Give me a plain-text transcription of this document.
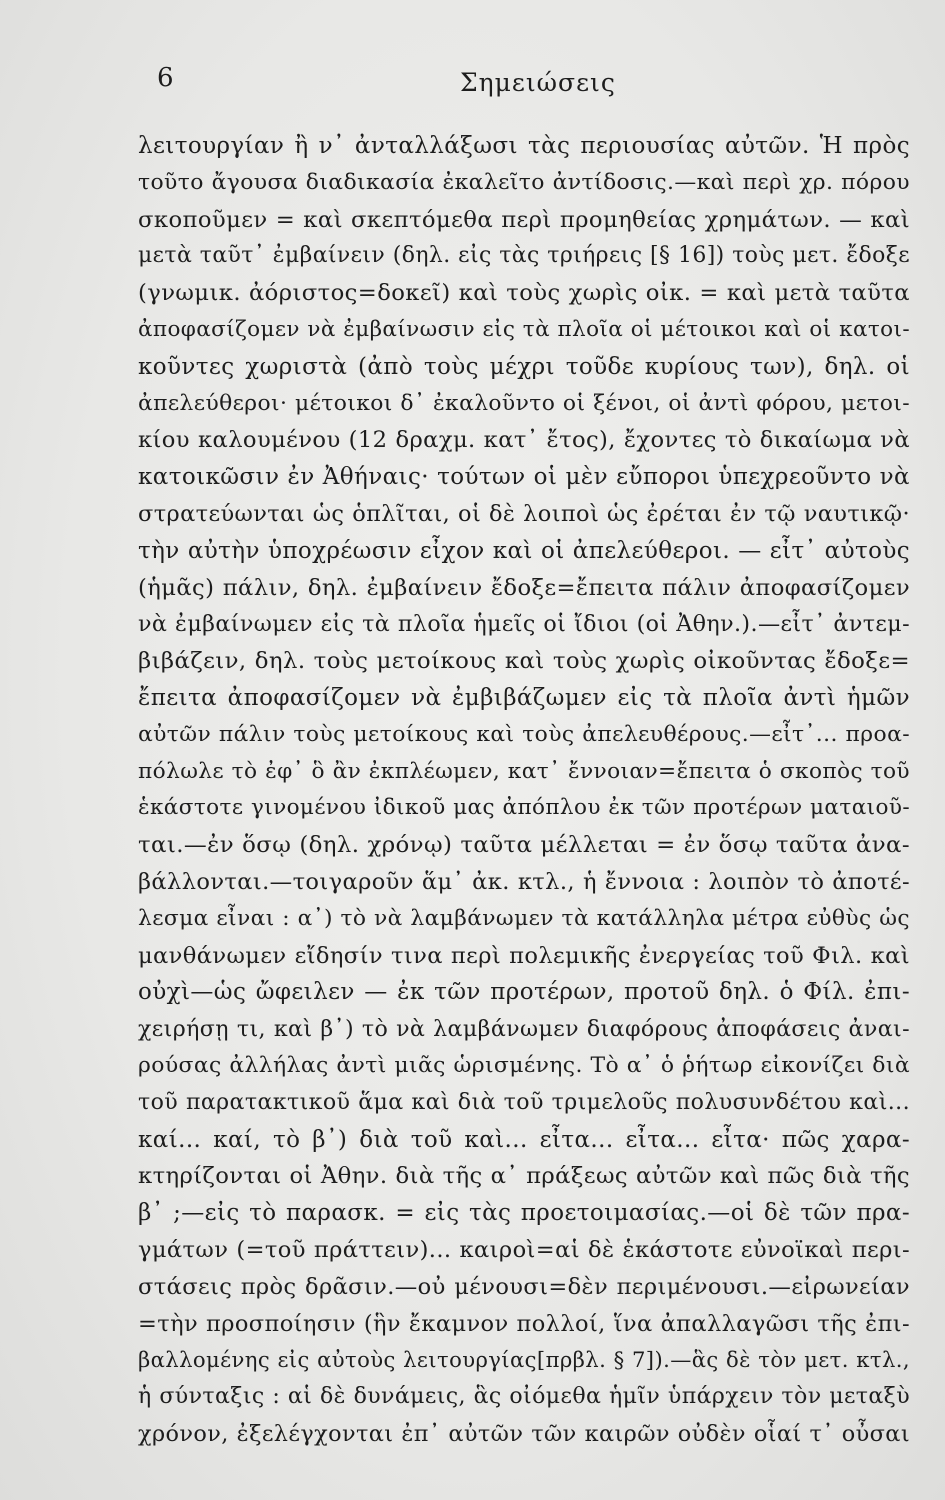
6	Σημειώσεις
λειτουργίαν ἢ ν᾽ ἀνταλλάξωσι τὰς περιουσίας αὐτῶν. Ἡ πρὸς
τοῦτο ἄγουσα διαδικασία ἐκαλεῖτο ἀντίδοσις.—καὶ περὶ χρ. πόρου
σκοποῦμεν = καὶ σκεπτόμεθα περὶ προμηθείας χρημάτων. — καὶ
μετὰ ταῦτ᾽ ἐμβαίνειν (δηλ. εἰς τὰς τριήρεις [§ 16]) τοὺς μετ. ἔδοξε
(γνωμικ. ἀόριστος=δοκεῖ) καὶ τοὺς χωρὶς οἰκ. = καὶ μετὰ ταῦτα
ἀποφασίζομεν νὰ ἐμβαίνωσιν εἰς τὰ πλοῖα οἱ μέτοικοι καὶ οἱ κατοι-
κοῦντες χωριστὰ (ἀπὸ τοὺς μέχρι τοῦδε κυρίους των), δηλ. οἱ
ἀπελεύθεροι· μέτοικοι δ᾽ ἐκαλοῦντο οἱ ξένοι, οἱ ἀντὶ φόρου, μετοι-
κίου καλουμένου (12 δραχμ. κατ᾽ ἔτος), ἔχοντες τὸ δικαίωμα νὰ
κατοικῶσιν ἐν Ἀθήναις· τούτων οἱ μὲν εὔποροι ὑπεχρεοῦντο νὰ
στρατεύωνται ὡς ὁπλῖται, οἱ δὲ λοιποὶ ὡς ἐρέται ἐν τῷ ναυτικῷ·
τὴν αὐτὴν ὑποχρέωσιν εἶχον καὶ οἱ ἀπελεύθεροι. — εἶτ᾽ αὐτοὺς
(ἡμᾶς) πάλιν, δηλ. ἐμβαίνειν ἔδοξε=ἔπειτα πάλιν ἀποφασίζομεν
νὰ ἐμβαίνωμεν εἰς τὰ πλοῖα ἡμεῖς οἱ ἴδιοι (οἱ Ἀθην.).—εἶτ᾽ ἀντεμ-
βιβάζειν, δηλ. τοὺς μετοίκους καὶ τοὺς χωρὶς οἰκοῦντας ἔδοξε=
ἔπειτα ἀποφασίζομεν νὰ ἐμβιβάζωμεν εἰς τὰ πλοῖα ἀντὶ ἡμῶν
αὐτῶν πάλιν τοὺς μετοίκους καὶ τοὺς ἀπελευθέρους.—εἶτ᾽... προα-
πόλωλε τὸ ἐφ᾽ ὃ ἂν ἐκπλέωμεν, κατ᾽ ἔννοιαν=ἔπειτα ὁ σκοπὸς τοῦ
ἑκάστοτε γινομένου ἰδικοῦ μας ἀπόπλου ἐκ τῶν προτέρων ματαιοῦ-
ται.—ἐν ὅσῳ (δηλ. χρόνῳ) ταῦτα μέλλεται = ἐν ὅσῳ ταῦτα ἀνα-
βάλλονται.—τοιγαροῦν ἅμ᾽ ἀκ. κτλ., ἡ ἔννοια : λοιπὸν τὸ ἀποτέ-
λεσμα εἶναι : α᾽) τὸ νὰ λαμβάνωμεν τὰ κατάλληλα μέτρα εὐθὺς ὡς
μανθάνωμεν εἴδησίν τινα περὶ πολεμικῆς ἐνεργείας τοῦ Φιλ. καὶ
οὐχὶ—ὡς ὤφειλεν — ἐκ τῶν προτέρων, προτοῦ δηλ. ὁ Φίλ. ἐπι-
χειρήσῃ τι, καὶ β᾽) τὸ νὰ λαμβάνωμεν διαφόρους ἀποφάσεις ἀναι-
ρούσας ἀλλήλας ἀντὶ μιᾶς ὡρισμένης. Τὸ α᾽ ὁ ῥήτωρ εἰκονίζει διὰ
τοῦ παρατακτικοῦ ἅμα καὶ διὰ τοῦ τριμελοῦς πολυσυνδέτου καὶ...
καί... καί, τὸ β᾽) διὰ τοῦ καὶ... εἶτα... εἶτα... εἶτα· πῶς χαρα-
κτηρίζονται οἱ Ἀθην. διὰ τῆς α᾽ πράξεως αὐτῶν καὶ πῶς διὰ τῆς
β᾽ ;—εἰς τὸ παρασκ. = εἰς τὰς προετοιμασίας.—οἱ δὲ τῶν πρα-
γμάτων (=τοῦ πράττειν)... καιροὶ=αἱ δὲ ἑκάστοτε εὐνοϊκαὶ περι-
στάσεις πρὸς δρᾶσιν.—οὐ μένουσι=δὲν περιμένουσι.—εἰρωνείαν
=τὴν προσποίησιν (ἣν ἔκαμνον πολλοί, ἵνα ἀπαλλαγῶσι τῆς ἐπι-
βαλλομένης εἰς αὐτοὺς λειτουργίας[πρβλ. § 7]).—ἃς δὲ τὸν μετ. κτλ.,
ἡ σύνταξις : αἱ δὲ δυνάμεις, ἃς οἰόμεθα ἡμῖν ὑπάρχειν τὸν μεταξὺ
χρόνον, ἐξελέγχονται ἐπ᾽ αὐτῶν τῶν καιρῶν οὐδὲν οἷαί τ᾽ οὖσαι
